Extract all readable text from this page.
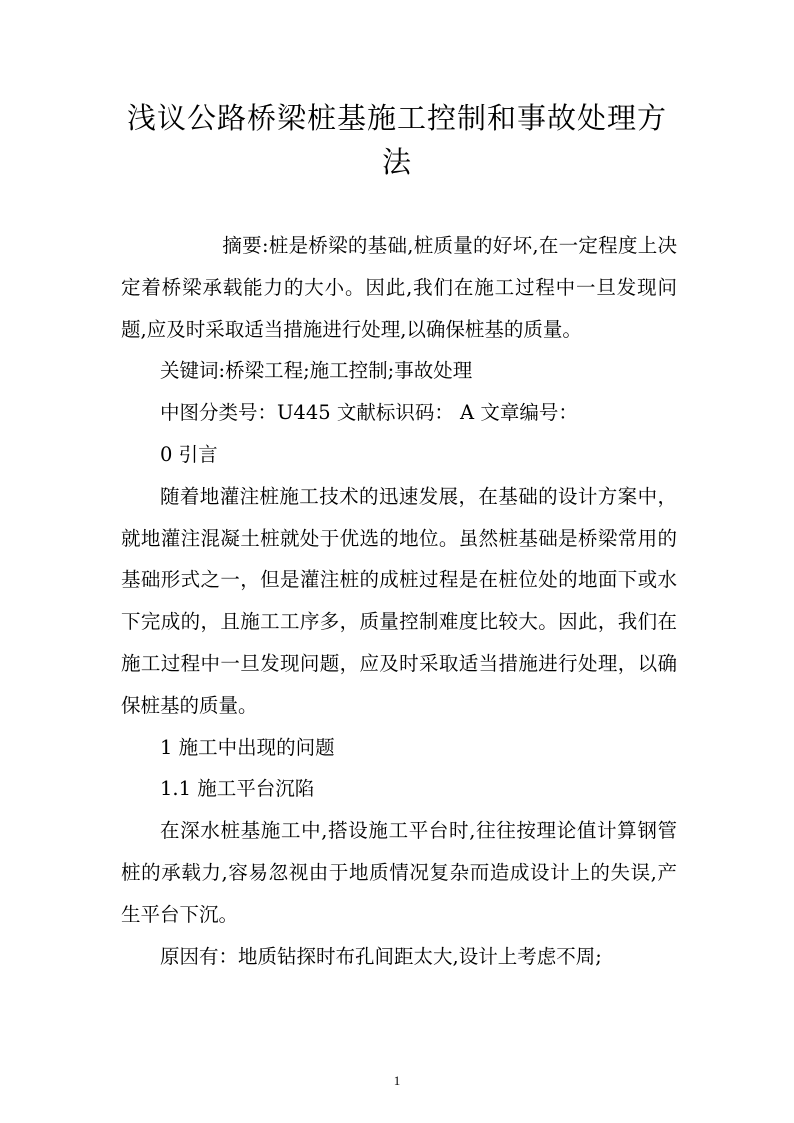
浅议公路桥梁桩基施工控制和事故处理方
法

摘要:桩是桥梁的基础,桩质量的好坏,在一定程度上决定着桥梁承载能力的大小。因此,我们在施工过程中一旦发现问题,应及时采取适当措施进行处理,以确保桩基的质量。

关键词:桥梁工程;施工控制;事故处理

中图分类号：U445 文献标识码： A 文章编号：

0 引言

随着地灌注桩施工技术的迅速发展，在基础的设计方案中，就地灌注混凝土桩就处于优选的地位。虽然桩基础是桥梁常用的基础形式之一，但是灌注桩的成桩过程是在桩位处的地面下或水下完成的，且施工工序多，质量控制难度比较大。因此，我们在施工过程中一旦发现问题，应及时采取适当措施进行处理，以确保桩基的质量。

1 施工中出现的问题

1.1 施工平台沉陷

在深水桩基施工中,搭设施工平台时,往往按理论值计算钢管桩的承载力,容易忽视由于地质情况复杂而造成设计上的失误,产生平台下沉。

原因有：地质钻探时布孔间距太大,设计上考虑不周;

1
